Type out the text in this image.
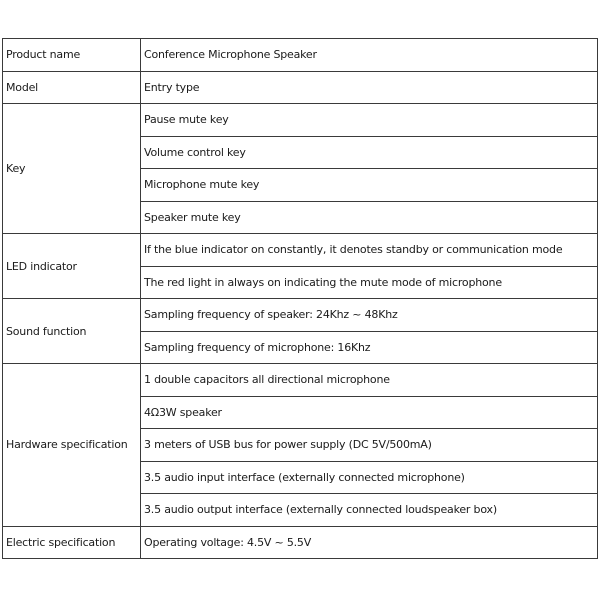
Product name	Conference Microphone Speaker
Model	Entry type
Key	Pause mute key
	Volume control key
	Microphone mute key
	Speaker mute key
LED indicator	If the blue indicator on constantly, it denotes standby or communication mode
	The red light in always on indicating the mute mode of microphone
Sound function	Sampling frequency of speaker: 24Khz ~ 48Khz
	Sampling frequency of microphone: 16Khz
Hardware specification	1 double capacitors all directional microphone
	4Ω3W speaker
	3 meters of USB bus for power supply (DC 5V/500mA)
	3.5 audio input interface (externally connected microphone)
	3.5 audio output interface (externally connected loudspeaker box)
Electric specification	Operating voltage: 4.5V ~ 5.5V
